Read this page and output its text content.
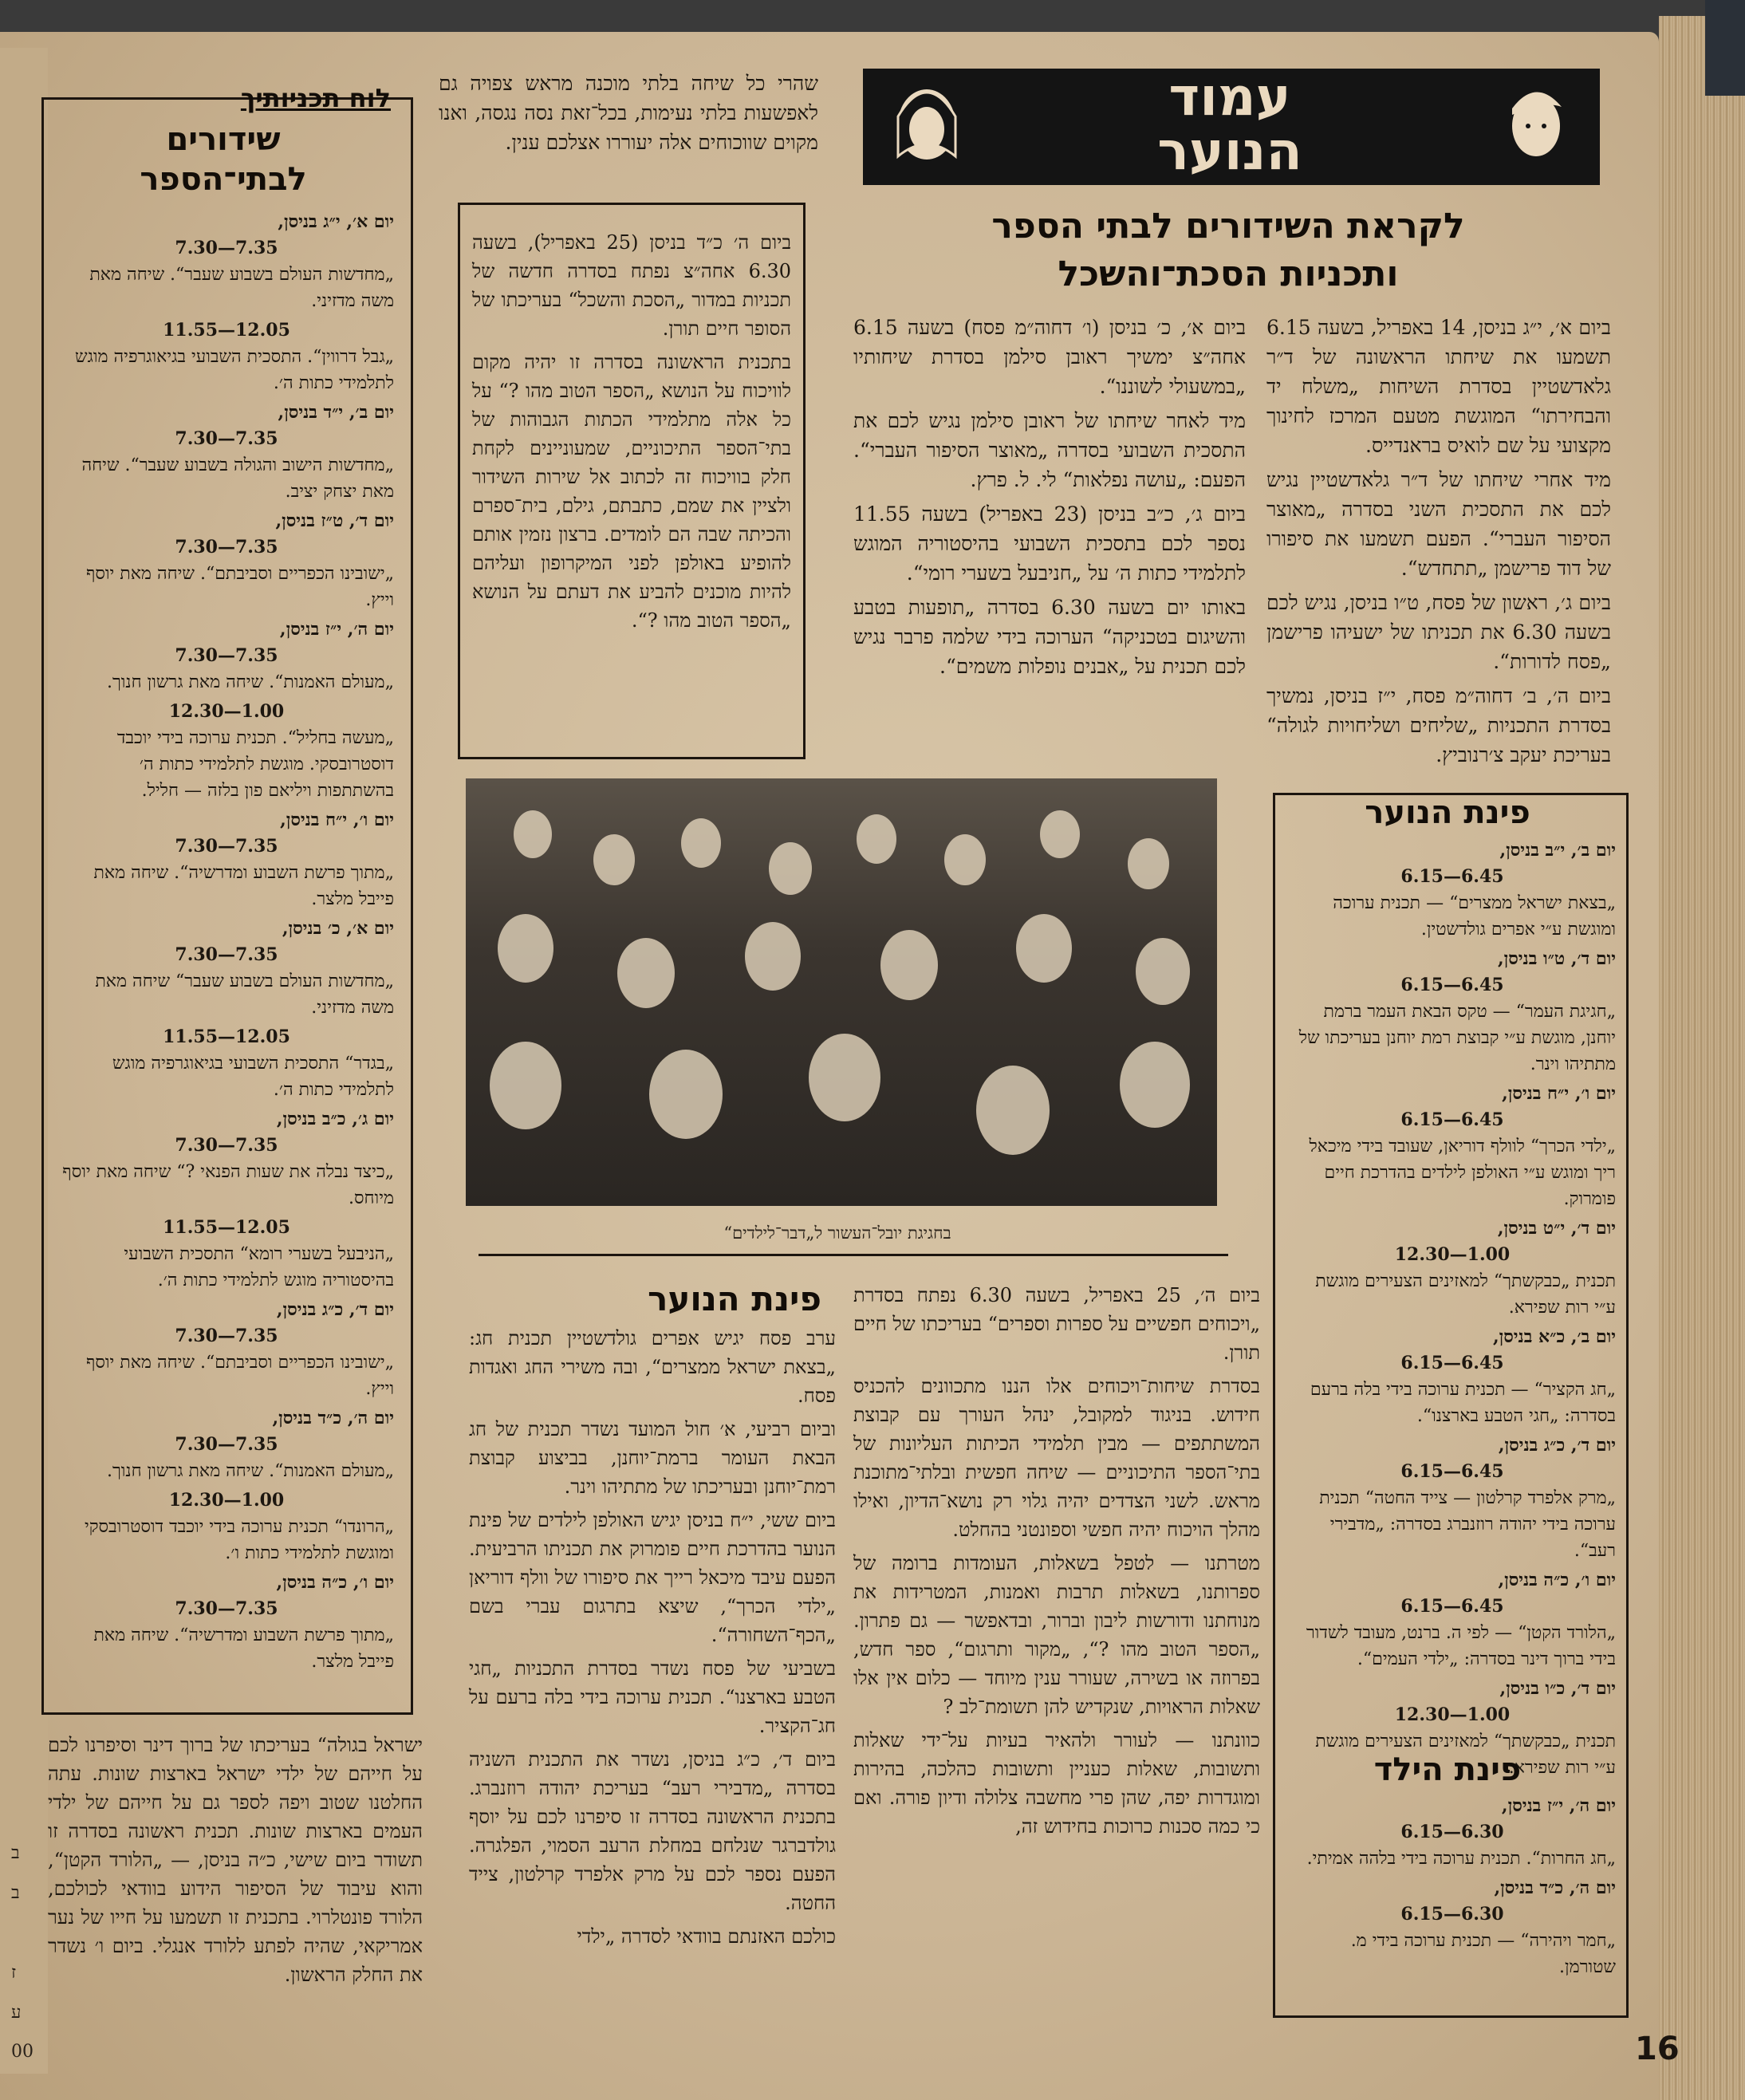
ב
ב
ז
ע
00
עמוד
הנוער
לקראת השידורים לבתי הספר
ותכניות הסכת־והשכל

ביום א׳, י״ג בניסן, 14 באפריל, בשעה 6.15 תשמעו את שיחתו הראשונה של ד״ר גלאדשטיין בסדרת השיחות „משלח יד והבחירתו“ המוגשת מטעם המרכז לחינוך מקצועי על שם לואיס בראנדייס.

מיד אחרי שיחתו של ד״ר גלאדשטיין נגיש לכם את התסכית השני בסדרה „מאוצר הסיפור העברי“. הפעם תשמעו את סיפורו של דוד פרישמן „תתחדש“.

ביום ג׳, ראשון של פסח, ט״ו בניסן, נגיש לכם בשעה 6.30 את תכניתו של ישעיהו פרישמן „פסח לדורות“.

ביום ה׳, ב׳ דחוה״מ פסח, י״ז בניסן, נמשיך בסדרת התכניות „שליחים ושליחויות לגולה“ בעריכת יעקב צ׳רנוביץ.

ביום א׳, כ׳ בניסן (ו׳ דחוה״מ פסח) בשעה 6.15 אחה״צ ימשיך ראובן סילמן בסדרת שיחותיו „במשעולי לשוננו“.

מיד לאחר שיחתו של ראובן סילמן נגיש לכם את התסכית השבועי בסדרה „מאוצר הסיפור העברי“. הפעם: „עושה נפלאות“ לי. ל. פרץ.

ביום ג׳, כ״ב בניסן (23 באפריל) בשעה 11.55 נספר לכם בתסכית השבועי בהיסטוריה המוגש לתלמידי כתות ה׳ על „חניבעל בשערי רומי“.

באותו יום בשעה 6.30 בסדרה „תופעות בטבע והשיגום בטכניקה“ הערוכה בידי שלמה פרבר נגיש לכם תכנית על „אבנים נופלות משמים“.

שהרי כל שיחה בלתי מוכנה מראש צפויה גם לאפשעות בלתי נעימות, בכל־זאת נסה נגסה, ואנו מקוים שווכוחים אלה יעוררו אצלכם ענין.

ביום ה׳ כ״ד בניסן (25 באפריל), בשעה 6.30 אחה״צ נפתח בסדרה חדשה של תכניות במדור „הסכת והשכל“ בעריכתו של הסופר חיים תורן.

בתכנית הראשונה בסדרה זו יהיה מקום לוויכוח על הנושא „הספר הטוב מהו ?“ על כל אלה מתלמידי הכתות הגבוהות של בתי־הספר התיכוניים, שמעוניינים לקחת חלק בוויכוח זה לכתוב אל שירות השידור ולציין את שמם, כתבתם, גילם, בית־ספרם והכיתה שבה הם לומדים. ברצון נזמין אותם להופיע באולפן לפני המיקרופון ועליהם להיות מוכנים להביע את דעתם על הנושא „הספר הטוב מהו ?“.

בחגיגת יובל־העשור ל„דבר־לילדים“

ביום ה׳, 25 באפריל, בשעה 6.30 נפתח בסדרת „ויכוחים חפשיים על ספרות וספרים“ בעריכתו של חיים תורן.

בסדרת שיחות־ויכוחים אלו הננו מתכוונים להכניס חידוש. בניגוד למקובל, ינהל העורך עם קבוצת המשתתפים — מבין תלמידי הכיתות העליונות של בתי־הספר התיכוניים — שיחה חפשית ובלתי־מתוכנת מראש. לשני הצדדים יהיה גלוי רק נושא־הדיון, ואילו מהלך הויכוח יהיה חפשי וספונטני בהחלט.

מטרתנו — לטפל בשאלות, העומדות ברומה של ספרותנו, בשאלות תרבות ואמנות, המטרידות את מנוחתנו ודורשות ליבון וברור, ובדאפשר — גם פתרון. „הספר הטוב מהו ?“, „מקור ותרגום“, ספר חדש, בפרוזה או בשירה, שעורר ענין מיוחד — כלום אין אלו שאלות הראויות, שנקדיש להן תשומת־לב ?

כוונתנו — לעורר ולהאיר בעיות על־ידי שאלות ותשובות, שאלות כעניין ותשובות כהלכה, בהירות ומוגדרות יפה, שהן פרי מחשבה צלולה ודיון פורה. ואם כי כמה סכנות כרוכות בחידוש זה,

פינת הנוער

ערב פסח יגיש אפרים גולדשטיין תכנית חג: „בצאת ישראל ממצרים“, ובה משירי החג ואגדות פסח.

וביום רביעי, א׳ חול המועד נשדר תכנית של חג הבאת העומר ברמת־יוחנן, בביצוע קבוצת רמת־יוחנן ובעריכתו של מתתיהו וינר.

ביום ששי, י״ח בניסן יגיש האולפן לילדים של פינת הנוער בהדרכת חיים פומרוק את תכניתו הרביעית. הפעם עיבד מיכאל רייך את סיפורו של וולף דוריאן „ילדי הכרך“, שיצא בתרגום עברי בשם „הכף־השחורה“.

בשביעי של פסח נשדר בסדרת התכניות „חגי הטבע בארצנו“. תכנית ערוכה בידי בלה ברעם על חג־הקציר.

ביום ד׳, כ״ג בניסן, נשדר את התכנית השניה בסדרה „מדבירי רעב“ בעריכת יהודה רוזנברג. בתכנית הראשונה בסדרה זו סיפרנו לכם על יוסף גולדברגר שנלחם במחלת הרעב הסמוי, הפלגרה. הפעם נספר לכם על מרק אלפרד קרלטון, צייד החטה.

כולכם האזנתם בוודאי לסדרה „ילדי

ישראל בגולה“ בעריכתו של ברוך דינר וסיפרנו לכם על חייהם של ילדי ישראל בארצות שונות. עתה החלטנו שטוב ויפה לספר גם על חייהם של ילדי העמים בארצות שונות. תכנית ראשונה בסדרה זו תשודר ביום שישי, כ״ה בניסן, — „הלורד הקטן“, והוא עיבוד של הסיפור הידוע בוודאי לכולכם, הלורד פונטלרוי. בתכנית זו תשמעו על חייו של נער אמריקאי, שהיה לפתע ללורד אנגלי. ביום ו׳ נשדר את החלק הראשון.
לוח תכניותיך
שידורים
לבתי־הספר

יום א׳, י״ג בניסן,

7.35—7.30

„מחדשות העולם בשבוע שעבר“. שיחה מאת משה מדזיני.

12.05—11.55

„גבל דרווין“. התסכית השבועי בגיאוגרפיה מוגש לתלמידי כתות ה׳.

יום ב׳, י״ד בניסן,

7.35—7.30

„מחדשות הישוב והגולה בשבוע שעבר“. שיחה מאת יצחק יציב.

יום ד׳, ט״ז בניסן,

7.35—7.30

„ישובינו הכפריים וסביבתם“. שיחה מאת יוסף וייץ.

יום ה׳, י״ז בניסן,

7.35—7.30

„מעולם האמנות“. שיחה מאת גרשון חנוך.

1.00—12.30

„מעשה בחליל“. תכנית ערוכה בידי יוכבד דוסטרובסקי. מוגשת לתלמידי כתות ה׳ בהשתתפות ויליאם פון בלזה — חליל.

יום ו׳, י״ח בניסן,

7.35—7.30

„מתוך פרשת השבוע ומדרשיה“. שיחה מאת פייבל מלצר.

יום א׳, כ׳ בניסן,

7.35—7.30

„מחדשות העולם בשבוע שעבר“ שיחה מאת משה מדזיני.

12.05—11.55

„בגדר“ התסכית השבועי בגיאוגרפיה מוגש לתלמידי כתות ה׳.

יום ג׳, כ״ב בניסן,

7.35—7.30

„כיצד נבלה את שעות הפנאי ?“ שיחה מאת יוסף מיוחס.

12.05—11.55

„הניבעל בשערי רומא“ התסכית השבועי בהיסטוריה מוגש לתלמידי כתות ה׳.

יום ד׳, כ״ג בניסן,

7.35—7.30

„ישובינו הכפריים וסביבתם“. שיחה מאת יוסף וייץ.

יום ה׳, כ״ד בניסן,

7.35—7.30

„מעולם האמנות“. שיחה מאת גרשון חנוך.

1.00—12.30

„הרונדו“ תכנית ערוכה בידי יוכבד דוסטרובסקי ומוגשת לתלמידי כתות ו׳.

יום ו׳, כ״ה בניסן,

7.35—7.30

„מתוך פרשת השבוע ומדרשיה“. שיחה מאת פייבל מלצר.

פינת הנוער

יום ב׳, י״ב בניסן,

6.45—6.15

„בצאת ישראל ממצרים“ — תכנית ערוכה ומוגשת ע״י אפרים גולדשטין.

יום ד׳, ט״ו בניסן,

6.45—6.15

„חגיגת העמר“ — טקס הבאת העמר ברמת יוחנן, מוגשת ע״י קבוצת רמת יוחנן בעריכתו של מתתיהו וינר.

יום ו׳, י״ח בניסן,

6.45—6.15

„ילדי הכרך“ לוולף דוריאן, שעובד בידי מיכאל ריך ומוגש ע״י האולפן לילדים בהדרכת חיים פומרוק.

יום ד׳, י״ט בניסן,

1.00—12.30

תכנית „כבקשתך“ למאזינים הצעירים מוגשת ע״י רות שפירא.

יום ב׳, כ״א בניסן,

6.45—6.15

„חג הקציר“ — תכנית ערוכה בידי בלה ברעם בסדרה: „חגי הטבע בארצנו“.

יום ד׳, כ״ג בניסן,

6.45—6.15

„מרק אלפרד קרלטון — צייד החטה“ תכנית ערוכה בידי יהודה רוזנברג בסדרה: „מדבירי רעב“.

יום ו׳, כ״ה בניסן,

6.45—6.15

„הלורד הקטן“ — לפי ה. ברנט, מעובד לשדור בידי ברוך דינר בסדרה: „ילדי העמים“.

יום ד׳, כ״ו בניסן,

1.00—12.30

תכנית „כבקשתך“ למאזינים הצעירים מוגשת ע״י רות שפירא.

פינת הילד

יום ה׳, י״ז בניסן,

6.30—6.15

„חג החרות“. תכנית ערוכה בידי בלהה אמיתי.

יום ה׳, כ״ד בניסן,

6.30—6.15

„חמר ויהירה“ — תכנית ערוכה בידי מ. שטורמן.

16
